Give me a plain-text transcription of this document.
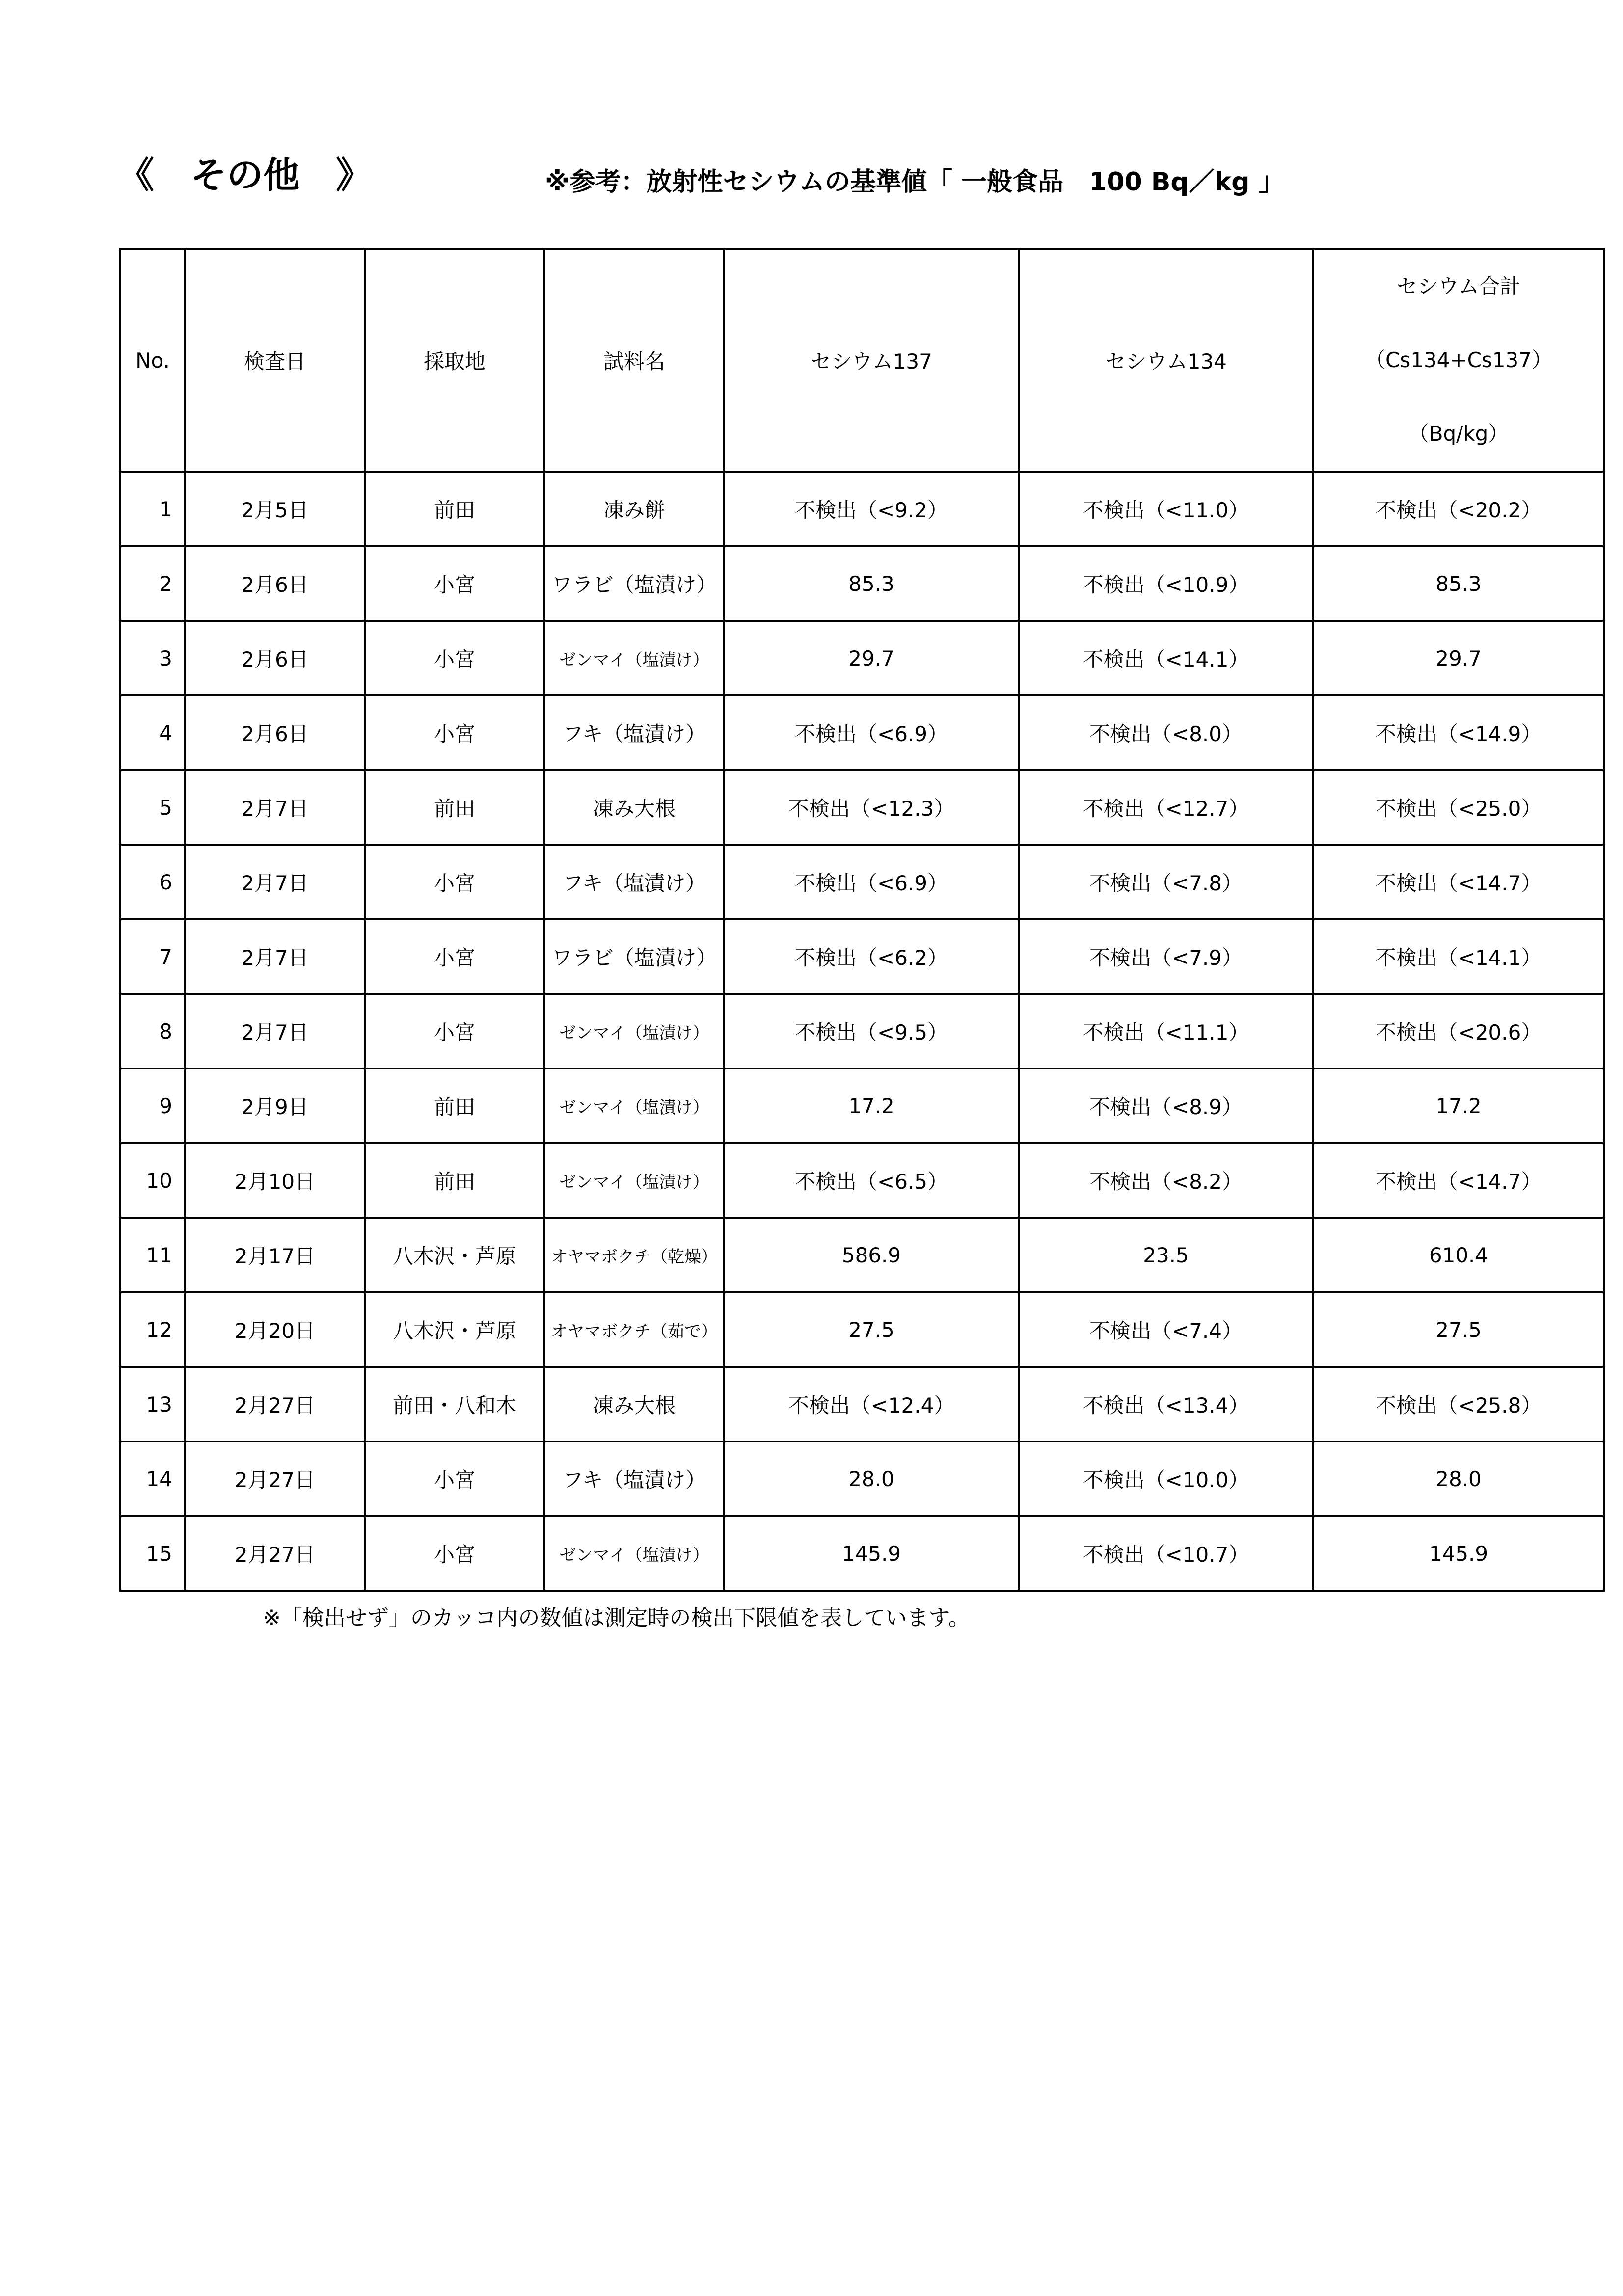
《　その他　》	※参考：放射性セシウムの基準値「 一般食品　100 Bq／kg 」
No.	検査日	採取地	試料名	セシウム137	セシウム134	セシウム合計
（Cs134+Cs137）
（Bq/kg）

1	2月5日	前田	凍み餅	不検出（<9.2）	不検出（<11.0）	不検出（<20.2）
2	2月6日	小宮	ワラビ（塩漬け）	85.3	不検出（<10.9）	85.3
3	2月6日	小宮	ゼンマイ（塩漬け）	29.7	不検出（<14.1）	29.7
4	2月6日	小宮	フキ（塩漬け）	不検出（<6.9）	不検出（<8.0）	不検出（<14.9）
5	2月7日	前田	凍み大根	不検出（<12.3）	不検出（<12.7）	不検出（<25.0）
6	2月7日	小宮	フキ（塩漬け）	不検出（<6.9）	不検出（<7.8）	不検出（<14.7）
7	2月7日	小宮	ワラビ（塩漬け）	不検出（<6.2）	不検出（<7.9）	不検出（<14.1）
8	2月7日	小宮	ゼンマイ（塩漬け）	不検出（<9.5）	不検出（<11.1）	不検出（<20.6）
9	2月9日	前田	ゼンマイ（塩漬け）	17.2	不検出（<8.9）	17.2
10	2月10日	前田	ゼンマイ（塩漬け）	不検出（<6.5）	不検出（<8.2）	不検出（<14.7）
11	2月17日	八木沢・芦原	オヤマボクチ（乾燥）	586.9	23.5	610.4
12	2月20日	八木沢・芦原	オヤマボクチ（茹で）	27.5	不検出（<7.4）	27.5
13	2月27日	前田・八和木	凍み大根	不検出（<12.4）	不検出（<13.4）	不検出（<25.8）
14	2月27日	小宮	フキ（塩漬け）	28.0	不検出（<10.0）	28.0
15	2月27日	小宮	ゼンマイ（塩漬け）	145.9	不検出（<10.7）	145.9
※「検出せず」のカッコ内の数値は測定時の検出下限値を表しています。
